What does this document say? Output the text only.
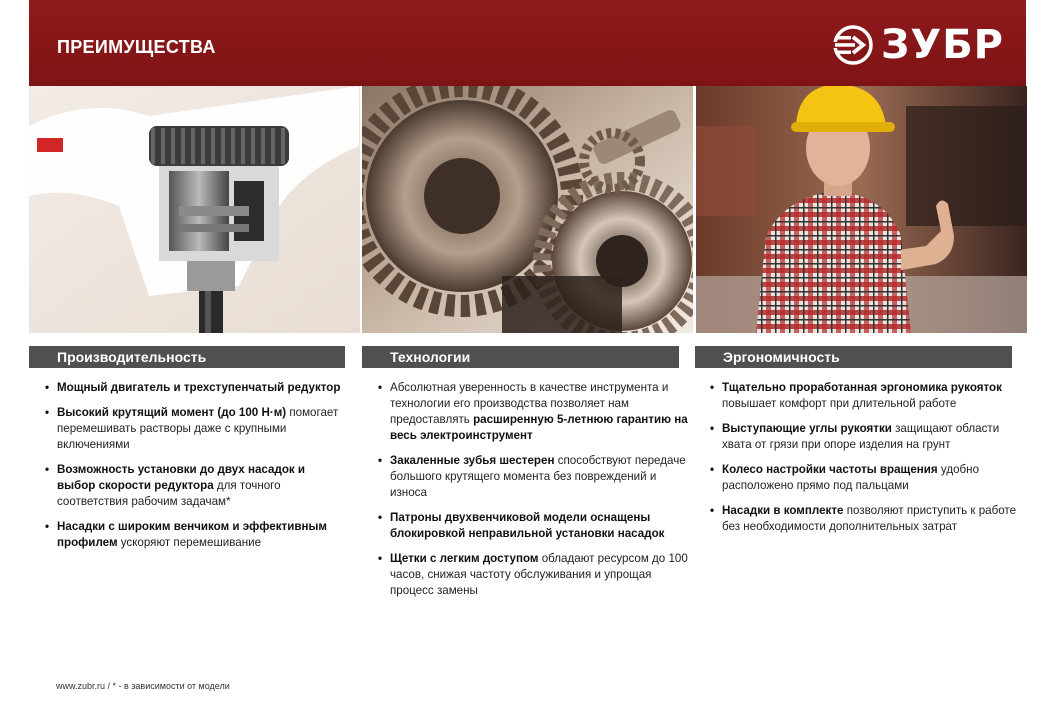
ПРЕИМУЩЕСТВА	ЗУБР
Производительность	Технологии	Эргономичность
• Мощный двигатель и трехступенчатый редуктор
• Высокий крутящий момент (до 100 Н·м) помогает перемешивать растворы даже с крупными включениями
• Возможность установки до двух насадок и выбор скорости редуктора для точного соответствия рабочим задачам*
• Насадки с широким венчиком и эффективным профилем ускоряют перемешивание
• Абсолютная уверенность в качестве инструмента и технологии его производства позволяет нам предоставлять расширенную 5-летнюю гарантию на весь электроинструмент
• Закаленные зубья шестерен способствуют передаче большого крутящего момента без повреждений и износа
• Патроны двухвенчиковой модели оснащены блокировкой неправильной установки насадок
• Щетки с легким доступом обладают ресурсом до 100 часов, снижая частоту обслуживания и упрощая процесс замены
• Тщательно проработанная эргономика рукояток повышает комфорт при длительной работе
• Выступающие углы рукоятки защищают области хвата от грязи при опоре изделия на грунт
• Колесо настройки частоты вращения удобно расположено прямо под пальцами
• Насадки в комплекте позволяют приступить к работе без необходимости дополнительных затрат
www.zubr.ru / * - в зависимости от модели
